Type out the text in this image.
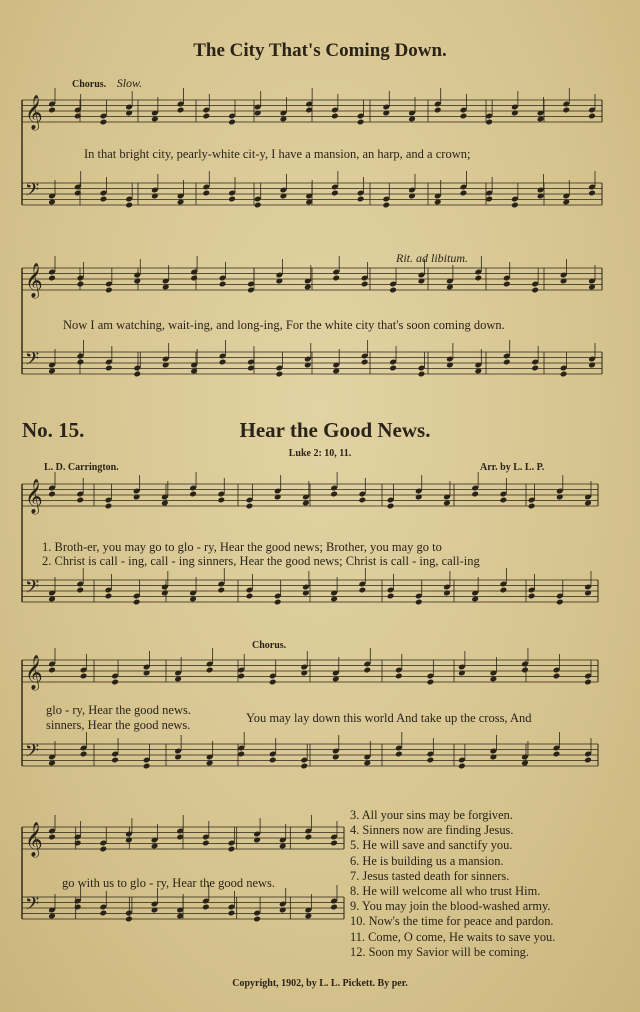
The City That's Coming Down.
Chorus. Slow.
In that bright city, pearly-white cit-y, I have a mansion, an harp, and a crown;
Rit. ad libitum.
Now I am watching, wait-ing, and long-ing, For the white city that's soon coming down.
No. 15.	Hear the Good News.
Luke 2: 10, 11.
L. D. Carrington.	Arr. by L. L. P.
1. Broth-er, you may go to glo - ry, Hear the good news; Brother, you may go to
2. Christ is call - ing, call - ing sinners, Hear the good news; Christ is call - ing, call-ing
Chorus.
glo - ry, Hear the good news.
sinners, Hear the good news.	You may lay down this world And take up the cross, And
go with us to glo - ry, Hear the good news.
3. All your sins may be forgiven.
4. Sinners now are finding Jesus.
5. He will save and sanctify you.
6. He is building us a mansion.
7. Jesus tasted death for sinners.
8. He will welcome all who trust Him.
9. You may join the blood-washed army.
10. Now's the time for peace and pardon.
11. Come, O come, He waits to save you.
12. Soon my Savior will be coming.
Copyright, 1902, by L. L. Pickett. By per.
𝄞
𝄢
𝄞
𝄢
𝄞
𝄢
𝄞
𝄢
𝄞
𝄢
